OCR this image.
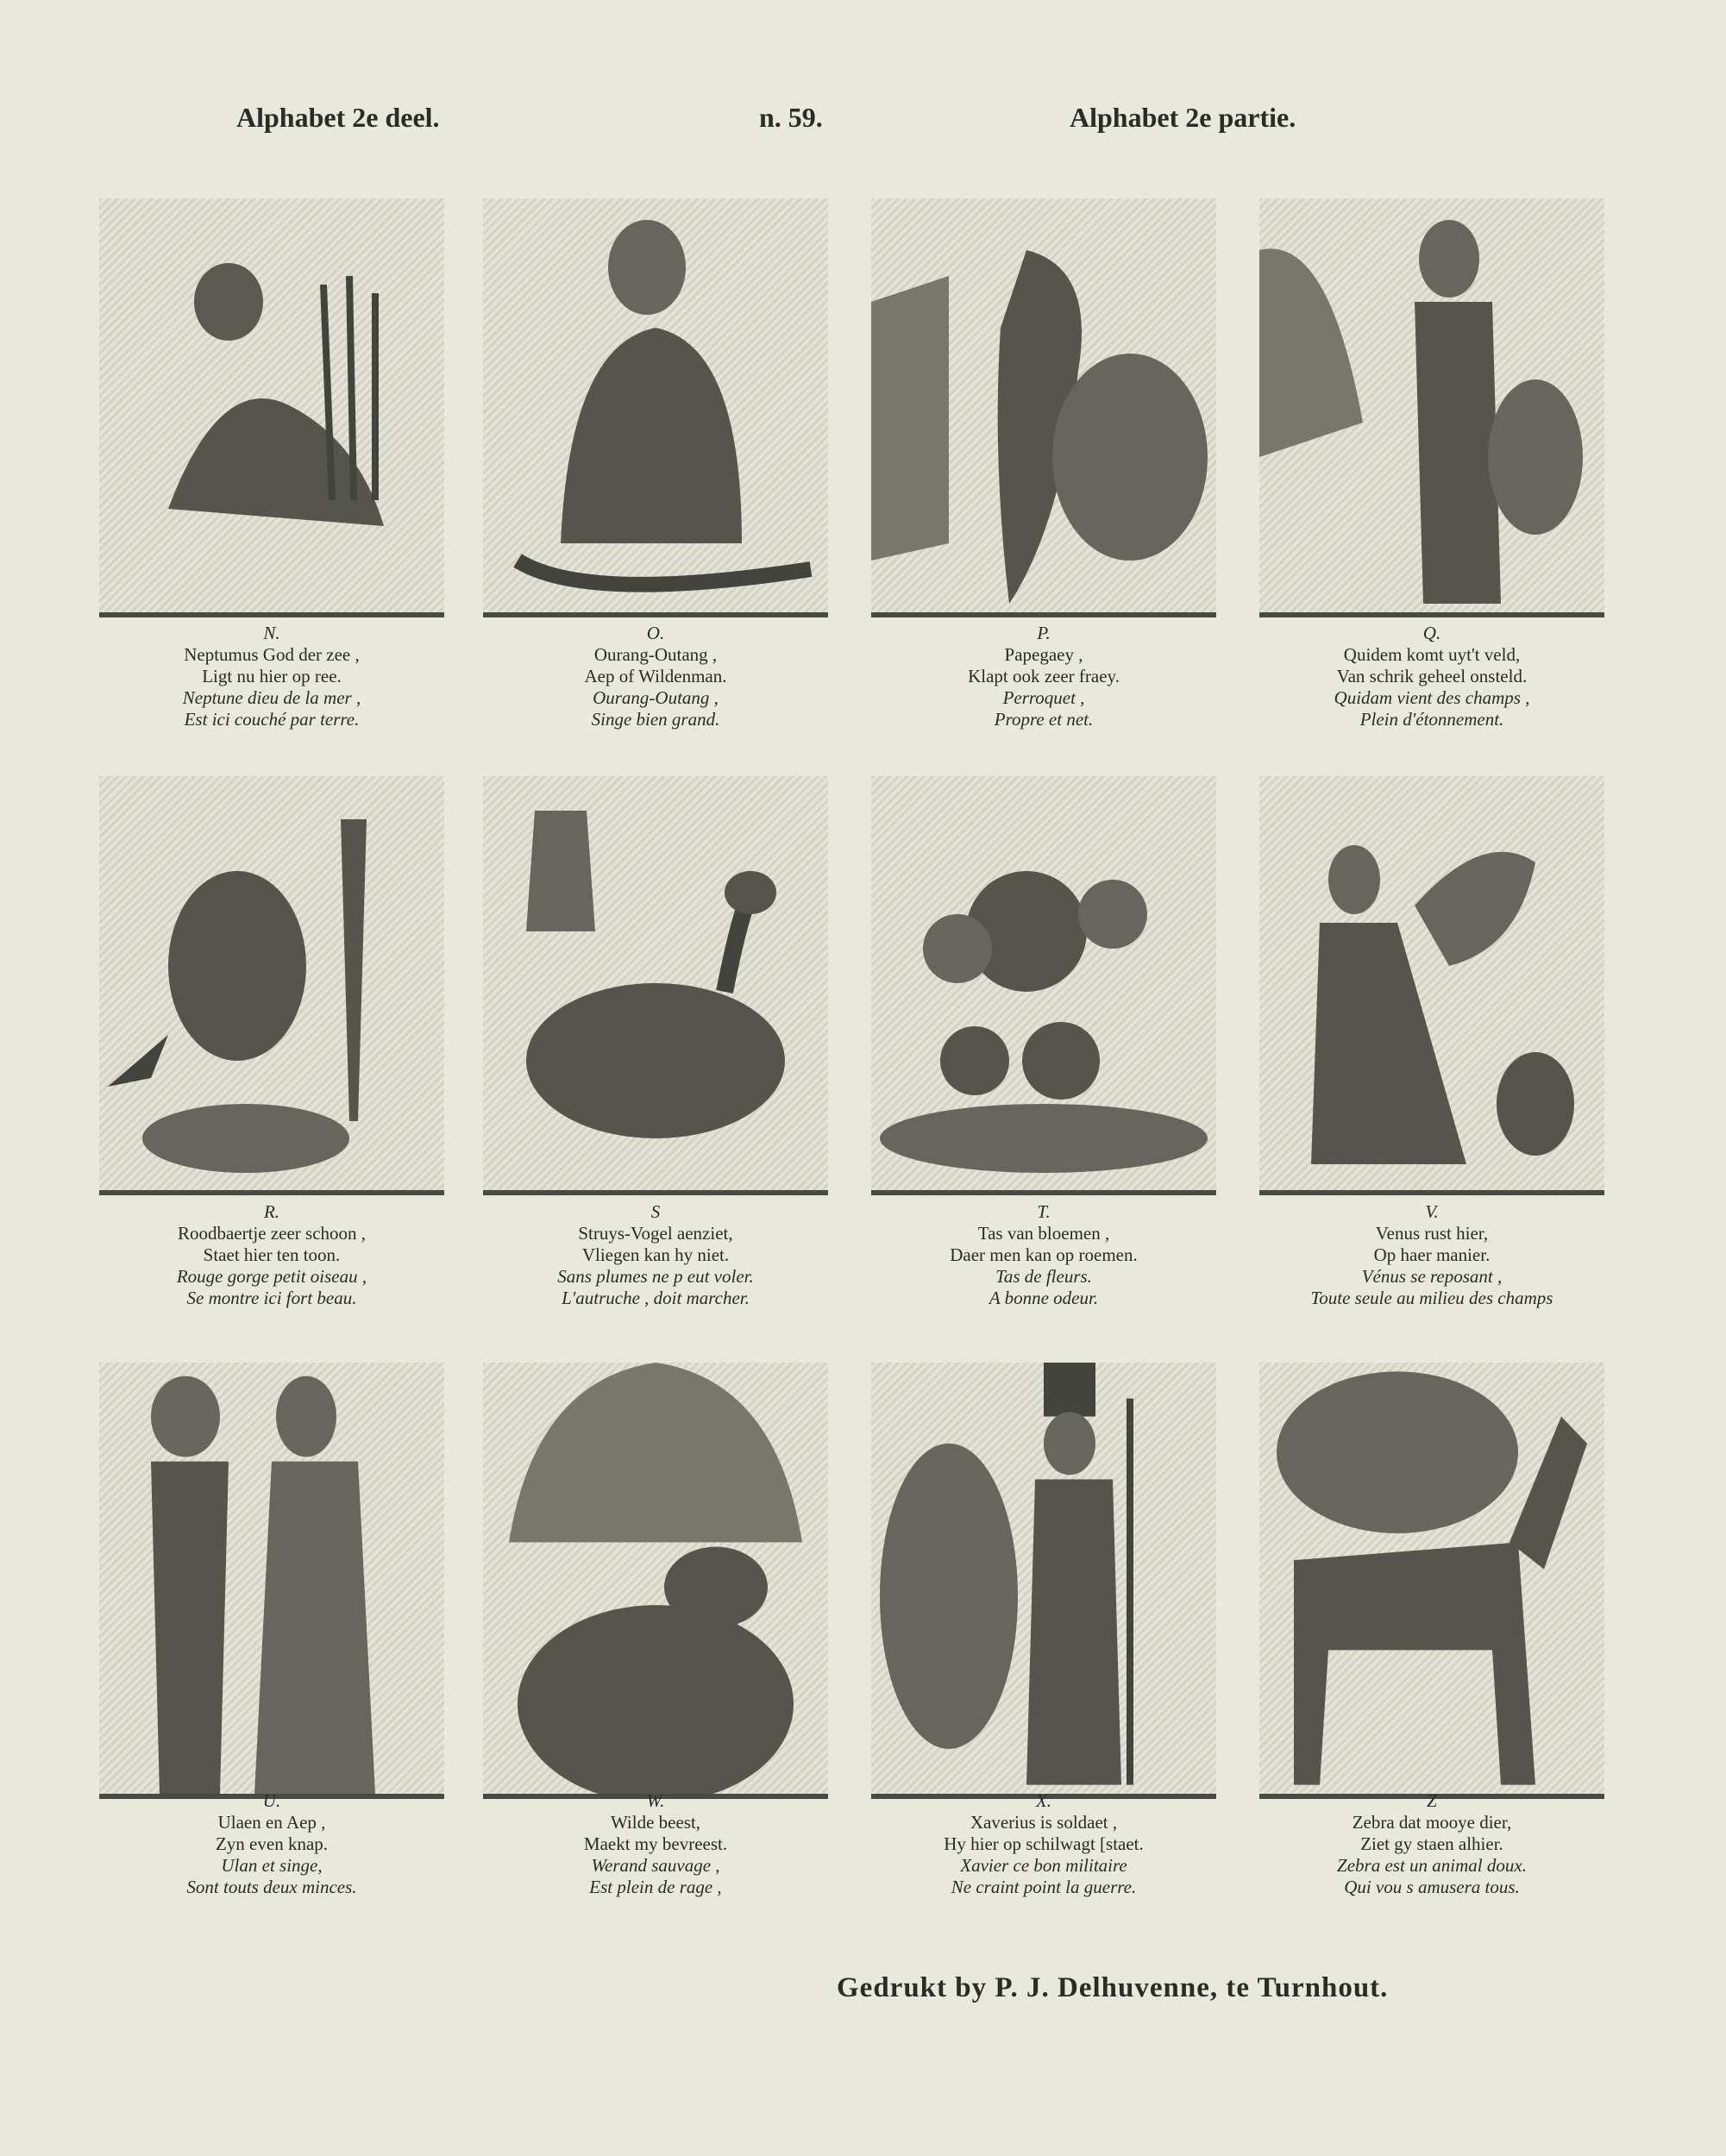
Alphabet 2e deel.	n. 59.	Alphabet 2e partie.
N.
Neptumus God der zee ,
Ligt nu hier op ree.
Neptune dieu de la mer ,
Est ici couché par terre.
O.
Ourang-Outang ,
Aep of Wildenman.
Ourang-Outang ,
Singe bien grand.
P.
Papegaey ,
Klapt ook zeer fraey.
Perroquet ,
Propre et net.
Q.
Quidem komt uyt't veld,
Van schrik geheel onsteld.
Quidam vient des champs ,
Plein d'étonnement.
R.
Roodbaertje zeer schoon ,
Staet hier ten toon.
Rouge gorge petit oiseau ,
Se montre ici fort beau.
S
Struys-Vogel aenziet,
Vliegen kan hy niet.
Sans plumes ne p eut voler.
L'autruche , doit marcher.
T.
Tas van bloemen ,
Daer men kan op roemen.
Tas de fleurs.
A bonne odeur.
V.
Venus rust hier,
Op haer manier.
Vénus se reposant ,
Toute seule au milieu des champs
U.
Ulaen en Aep ,
Zyn even knap.
Ulan et singe,
Sont touts deux minces.
W.
Wilde beest,
Maekt my bevreest.
Werand sauvage ,
Est plein de rage ,
X.
Xaverius is soldaet ,
Hy hier op schilwagt [staet.
Xavier ce bon militaire
Ne craint point la guerre.
Z
Zebra dat mooye dier,
Ziet gy staen alhier.
Zebra est un animal doux.
Qui vou s amusera tous.
Gedrukt by P. J. Delhuvenne, te Turnhout.
